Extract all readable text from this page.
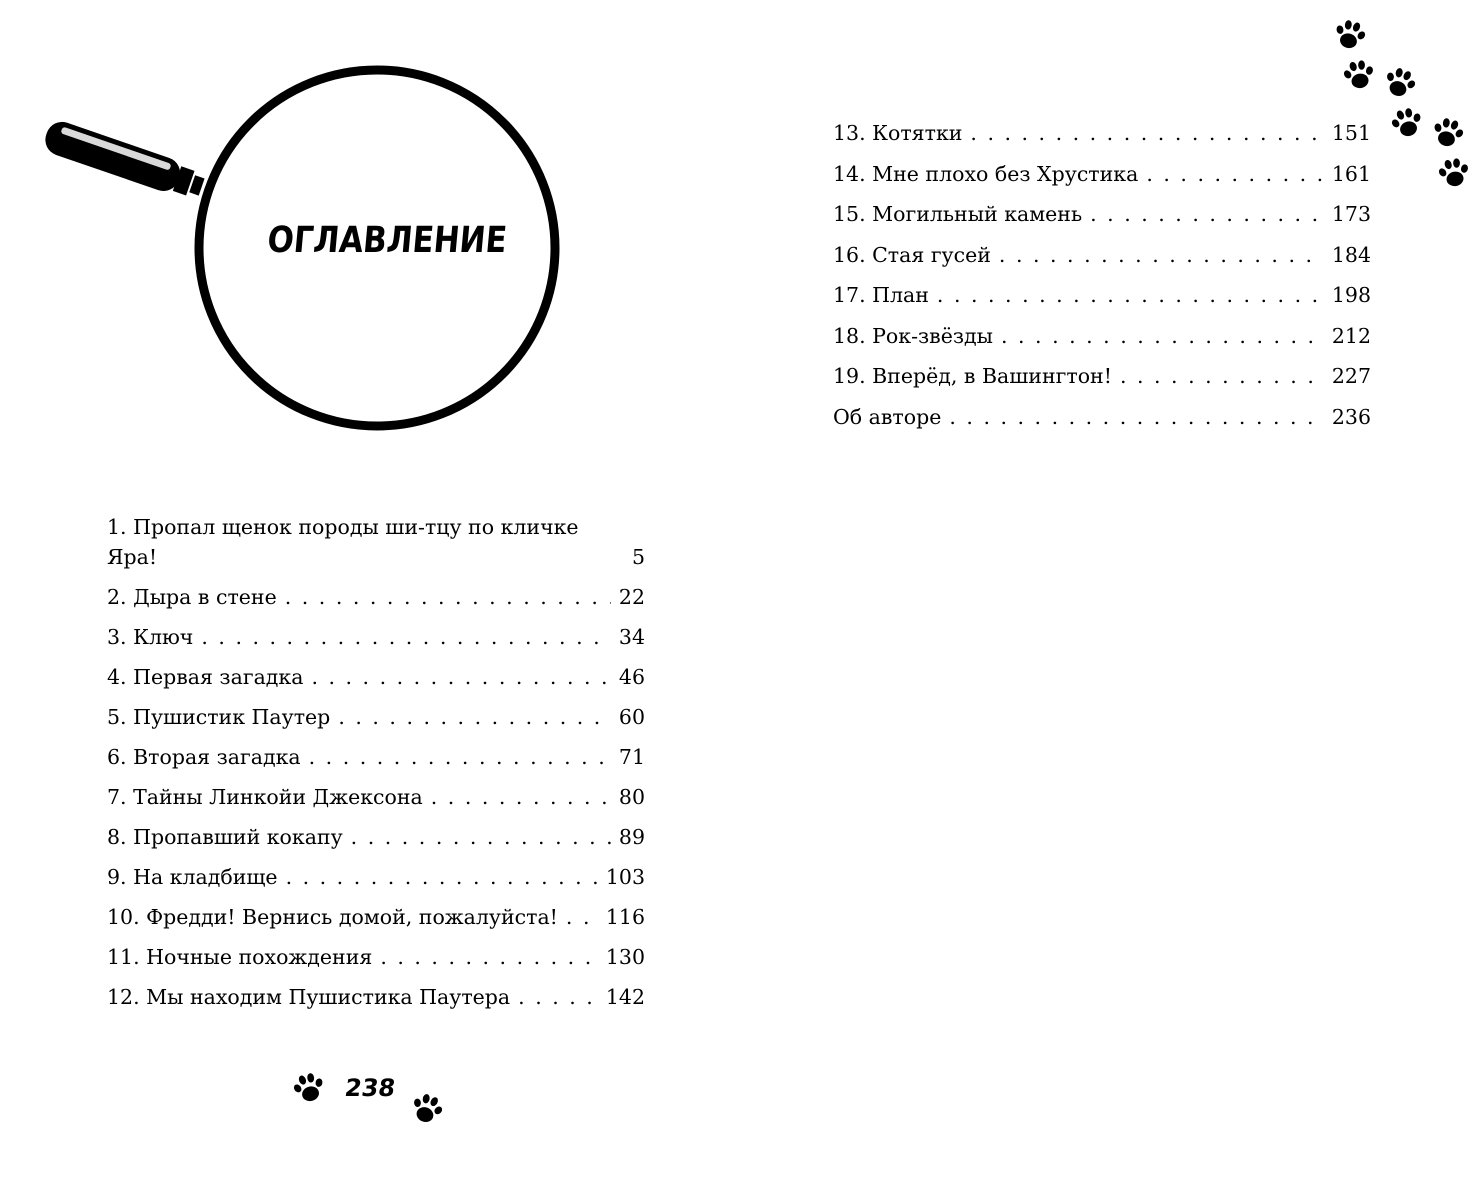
ОГЛАВЛЕНИЕ
1. Пропал щенок породы ши-тцу по кличке Яра!	5
2. Дыра в стене . . .	22
3. Ключ . . .	34
4. Первая загадка . . .	46
5. Пушистик Паутер . . .	60
6. Вторая загадка . . .	71
7. Тайны Линкойи Джексона . . .	80
8. Пропавший кокапу . . .	89
9. На кладбище . . .	103
10. Фредди! Вернись домой, пожалуйста! . . . 116
11. Ночные похождения . . .	130
12. Мы находим Пушистика Паутера . . .	142
13. Котятки . . .	151
14. Мне плохо без Хрустика . . .	161
15. Могильный камень . . .	173
16. Стая гусей . . .	184
17. План . . .	198
18. Рок-звёзды . . .	212
19. Вперёд, в Вашингтон! . . .	227
Об авторе . . .	236
238
